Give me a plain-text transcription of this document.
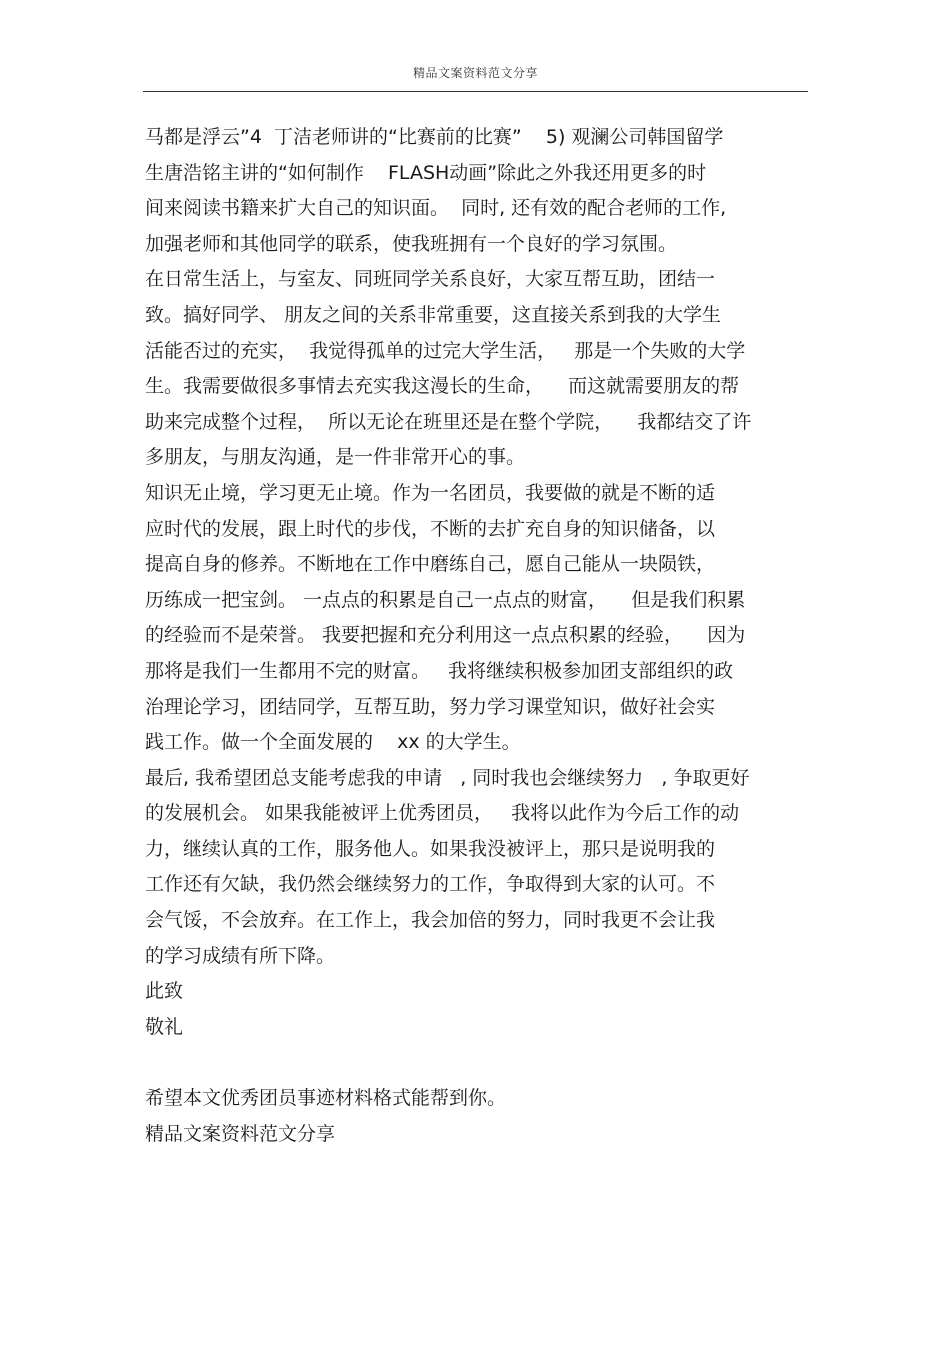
精品文案资料范文分享
马都是浮云”4  丁洁老师讲的“比赛前的比赛”    5) 观澜公司韩国留学
生唐浩铭主讲的“如何制作    FLASH动画”除此之外我还用更多的时
间来阅读书籍来扩大自己的知识面。  同时, 还有效的配合老师的工作,
加强老师和其他同学的联系，使我班拥有一个良好的学习氛围。
在日常生活上，与室友、同班同学关系良好，大家互帮互助，团结一
致。搞好同学、 朋友之间的关系非常重要，这直接关系到我的大学生
活能否过的充实，  我觉得孤单的过完大学生活，   那是一个失败的大学
生。我需要做很多事情去充实我这漫长的生命，    而这就需要朋友的帮
助来完成整个过程，  所以无论在班里还是在整个学院，    我都结交了许
多朋友，与朋友沟通，是一件非常开心的事。
知识无止境，学习更无止境。作为一名团员，我要做的就是不断的适
应时代的发展，跟上时代的步伐，不断的去扩充自身的知识储备，以
提高自身的修养。不断地在工作中磨练自己，愿自己能从一块陨铁，
历练成一把宝剑。 一点点的积累是自己一点点的财富，    但是我们积累
的经验而不是荣誉。 我要把握和充分利用这一点点积累的经验，    因为
那将是我们一生都用不完的财富。   我将继续积极参加团支部组织的政
治理论学习，团结同学，互帮互助，努力学习课堂知识，做好社会实
践工作。做一个全面发展的    xx 的大学生。
最后, 我希望团总支能考虑我的申请   , 同时我也会继续努力   , 争取更好
的发展机会。 如果我能被评上优秀团员，   我将以此作为今后工作的动
力，继续认真的工作，服务他人。如果我没被评上，那只是说明我的
工作还有欠缺，我仍然会继续努力的工作，争取得到大家的认可。不
会气馁，不会放弃。在工作上，我会加倍的努力，同时我更不会让我
的学习成绩有所下降。
此致
敬礼
希望本文优秀团员事迹材料格式能帮到你。
精品文案资料范文分享
